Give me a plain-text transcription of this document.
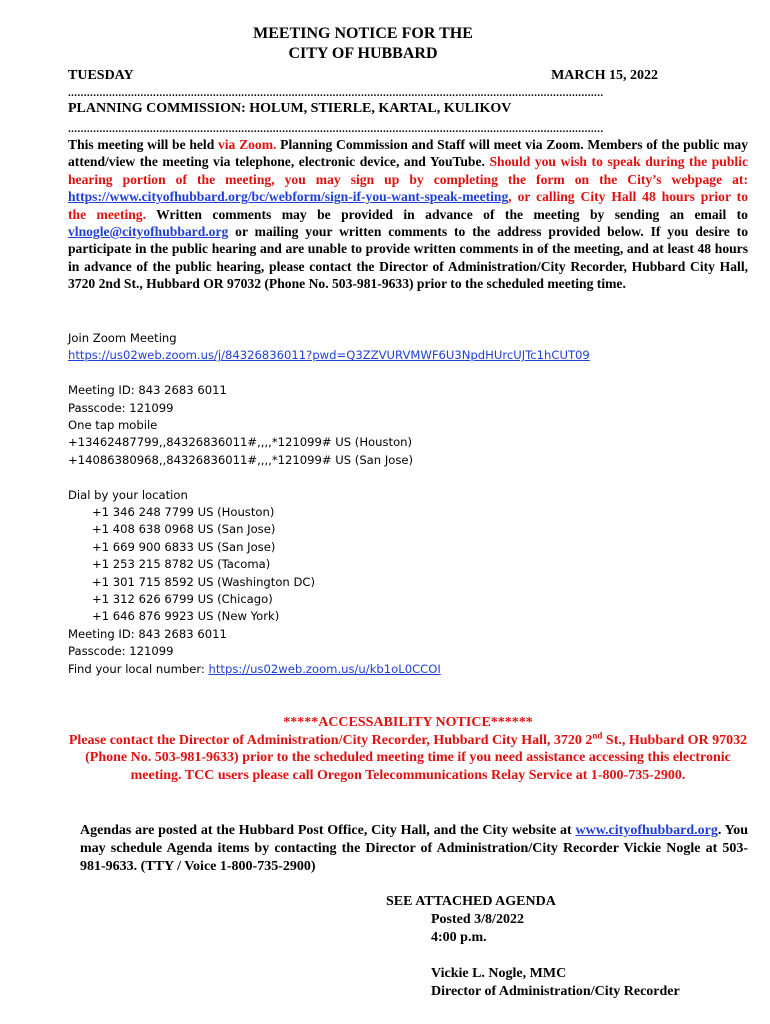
MEETING NOTICE FOR THE
CITY OF HUBBARD
TUESDAY	MARCH 15, 2022
..........................................................................................................................................................................
PLANNING COMMISSION: HOLUM, STIERLE, KARTAL, KULIKOV
..........................................................................................................................................................................
This meeting will be held via Zoom. Planning Commission and Staff will meet via Zoom. Members of the public may attend/view the meeting via telephone, electronic device, and YouTube. Should you wish to speak during the public hearing portion of the meeting, you may sign up by completing the form on the City’s webpage at: https://www.cityofhubbard.org/bc/webform/sign-if-you-want-speak-meeting, or calling City Hall 48 hours prior to the meeting. Written comments may be provided in advance of the meeting by sending an email to vlnogle@cityofhubbard.org or mailing your written comments to the address provided below. If you desire to participate in the public hearing and are unable to provide written comments in of the meeting, and at least 48 hours in advance of the public hearing, please contact the Director of Administration/City Recorder, Hubbard City Hall, 3720 2nd St., Hubbard OR 97032 (Phone No. 503-981-9633) prior to the scheduled meeting time.
Join Zoom Meeting
https://us02web.zoom.us/j/84326836011?pwd=Q3ZZVURVMWF6U3NpdHUrcUJTc1hCUT09
Meeting ID: 843 2683 6011
Passcode: 121099
One tap mobile
+13462487799,,84326836011#,,,,*121099# US (Houston)
+14086380968,,84326836011#,,,,*121099# US (San Jose)
Dial by your location
+1 346 248 7799 US (Houston)
+1 408 638 0968 US (San Jose)
+1 669 900 6833 US (San Jose)
+1 253 215 8782 US (Tacoma)
+1 301 715 8592 US (Washington DC)
+1 312 626 6799 US (Chicago)
+1 646 876 9923 US (New York)
Meeting ID: 843 2683 6011
Passcode: 121099
Find your local number: https://us02web.zoom.us/u/kb1oL0CCOI
*****ACCESSABILITY NOTICE******
Please contact the Director of Administration/City Recorder, Hubbard City Hall, 3720 2nd St., Hubbard OR 97032 (Phone No. 503-981-9633) prior to the scheduled meeting time if you need assistance accessing this electronic meeting. TCC users please call Oregon Telecommunications Relay Service at 1-800-735-2900.
Agendas are posted at the Hubbard Post Office, City Hall, and the City website at www.cityofhubbard.org. You may schedule Agenda items by contacting the Director of Administration/City Recorder Vickie Nogle at 503-981-9633. (TTY / Voice 1-800-735-2900)
SEE ATTACHED AGENDA
Posted 3/8/2022
4:00 p.m.
Vickie L. Nogle, MMC
Director of Administration/City Recorder
